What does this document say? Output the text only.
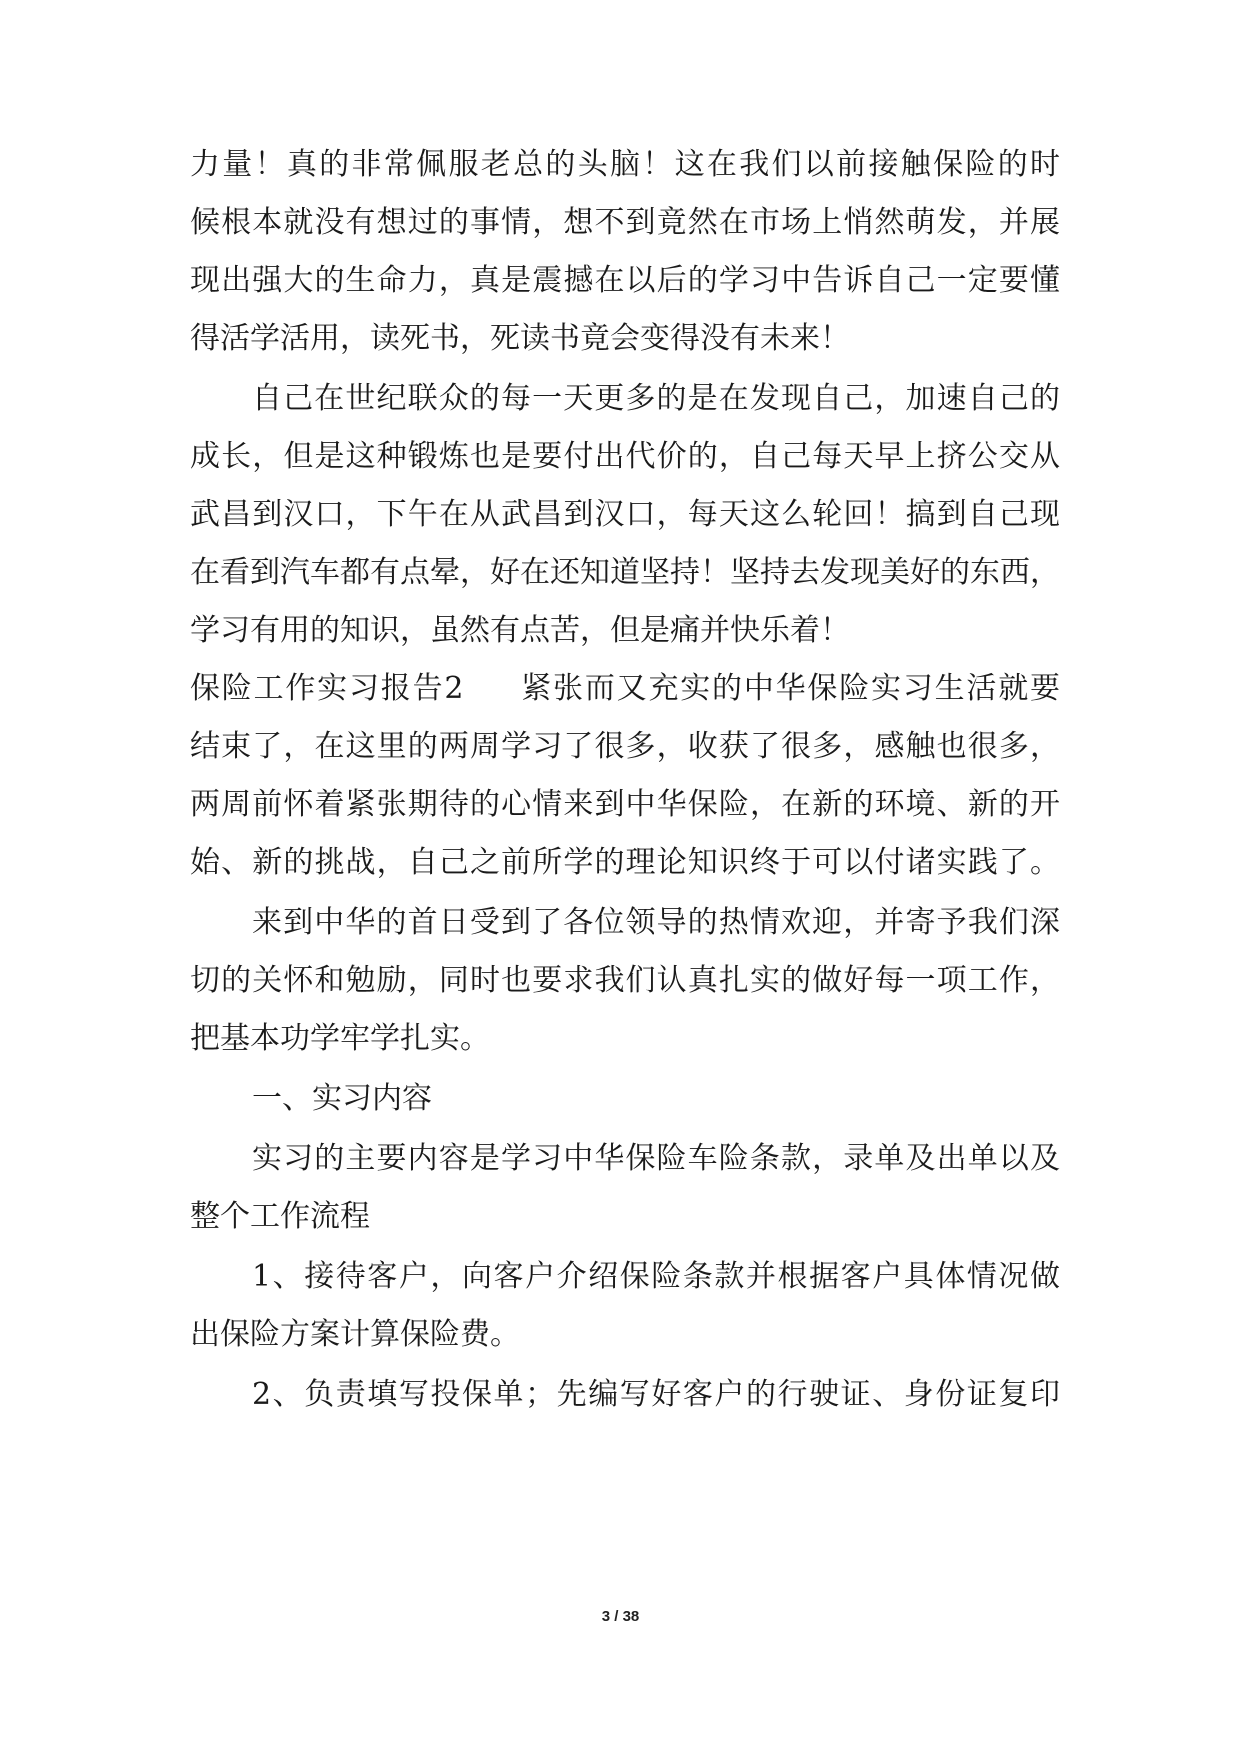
力量！真的非常佩服老总的头脑！这在我们以前接触保险的时
候根本就没有想过的事情，想不到竟然在市场上悄然萌发，并展
现出强大的生命力，真是震撼在以后的学习中告诉自己一定要懂
得活学活用，读死书，死读书竟会变得没有未来！
自己在世纪联众的每一天更多的是在发现自己，加速自己的
成长，但是这种锻炼也是要付出代价的，自己每天早上挤公交从
武昌到汉口，下午在从武昌到汉口，每天这么轮回！搞到自己现
在看到汽车都有点晕，好在还知道坚持！坚持去发现美好的东西，
学习有用的知识，虽然有点苦，但是痛并快乐着！
保险工作实习报告2 紧张而又充实的中华保险实习生活就要
结束了，在这里的两周学习了很多，收获了很多，感触也很多，
两周前怀着紧张期待的心情来到中华保险，在新的环境、新的开
始、新的挑战，自己之前所学的理论知识终于可以付诸实践了。
来到中华的首日受到了各位领导的热情欢迎，并寄予我们深
切的关怀和勉励，同时也要求我们认真扎实的做好每一项工作，
把基本功学牢学扎实。
一、实习内容
实习的主要内容是学习中华保险车险条款，录单及出单以及
整个工作流程
1、接待客户，向客户介绍保险条款并根据客户具体情况做
出保险方案计算保险费。
2、负责填写投保单；先编写好客户的行驶证、身份证复印
3 / 38
